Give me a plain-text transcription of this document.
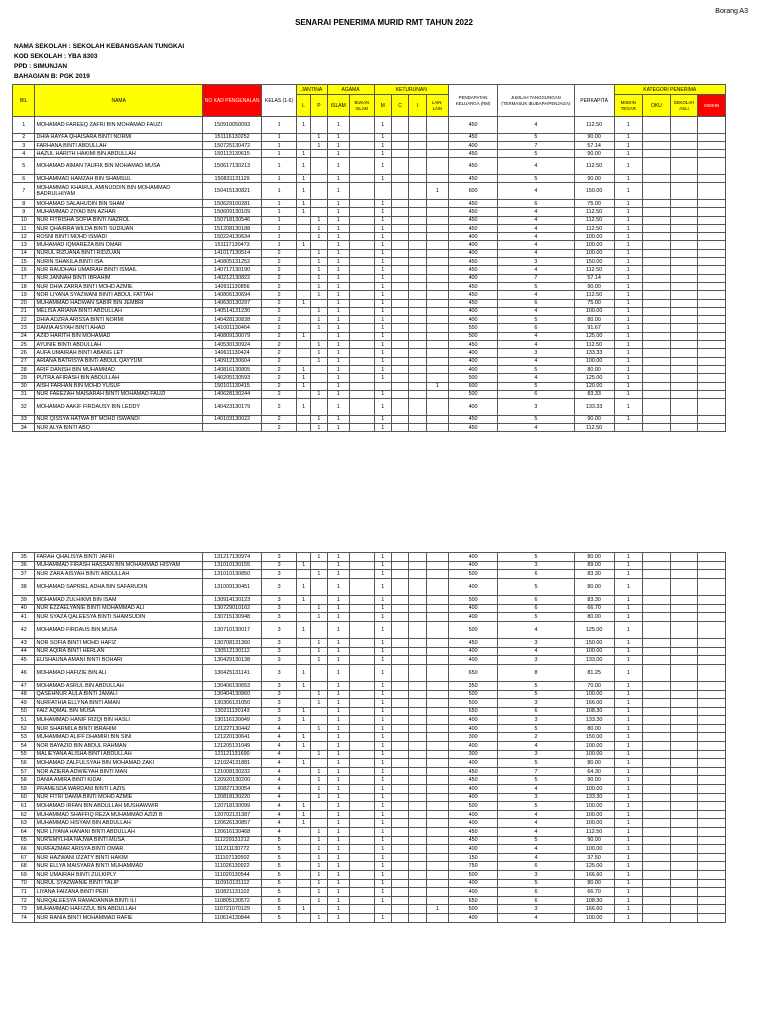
Borang A3
SENARAI PENERIMA MURID RMT TAHUN 2022
NAMA SEKOLAH : SEKOLAH KEBANGSAAN TUNGKAI
KOD SEKOLAH : YBA 8303
PPD : SIMUNJAN
BAHAGIAN B: PGK 2019
BIL	NAMA	NO KAD PENGENALAN	KELAS (1-6)	JANTINA		AGAMA		KETURUNAN				PENDAPATAN KELUARGA (RM)	JUMLAH TANGGUNGAN (TERMASUK IBUBAPA/PENJAGA)	PERKAPITA	KATEGORI PENERIMA			
				L	P	ISLAM	BUKAN ISLAM	M	C	I	LAIN-LAIN				MISKIN TEGAR	OKU	SEKOLAH ASLI	MISKIN
1	MOHAMAD FAREEQ ZAFRI BIN MOHAMAD FAUZI	150910050093	1	1		1		1				450	4	112.50	1			
2	DHIA HAYFA QHAISARA BINTI NORMI	151116130252	1		1	1		1				450	5	90.00	1			
3	FARHANA BINTI ABDULLAH	150725130472	1		1	1		1				400	7	57.14	1			
4	HAZUL HARITH HAKIMI BIN ABDULLAH	150113130615	1	1		1		1				450	5	90.00	1			
5	MOHAMAD AIMAN TAUFIK BIN MOHAMAD MUSA	150617130213	1	1		1		1				450	4	112.50	1			
6	MOHAMMAD HAMZAH BIN SHAMSUL	150831131129	1	1		1		1				450	5	90.00	1			
7	MOHAMMAD KHAIRUL AMINUDDIN BIN MOHAMMAD BADRULHIYAM	150415130821	1	1		1					1	600	4	150.00	1			
8	MOHAMAD SALAHUDIN BIN SHAM	150629100281	1	1		1		1				450	6	75.00	1			
9	MUHAMMAD ZIYAD BIN AZHAR	150609130109	1	1		1		1				450	4	112.50	1			
10	NUR FITRISHA SOFIA BINTI NAZROL	150718130546	1		1	1		1				450	4	112.50	1			
11	NUR QHAIRRA WILDA BINTI SUDIUAN	151208130188	1		1	1		1				450	4	112.50	1			
12	ROSNI BINTI MOHD ISMADI	150224130634	1		1	1		1				400	4	100.00	1			
13	MUHAMAD IQMAREZA BIN OMAR	151117130473	1	1		1		1				400	4	100.00	1			
14	NURUL RIZUANA BINTI RIDZUAN	141017130514	2		1	1		1				400	4	100.00	1			
15	NURIN SHAKILA BINTI ISA	140805131252	2		1	1		1				450	3	150.00	1			
16	NUR RAUDHAH UMAIRAH BINTI ISMAIL	140717130190	2		1	1		1				450	4	112.50	1			
17	NUR JANNAH BINTI IBRAHIM	140212130822	2		1	1		1				400	7	57.14	1			
18	NUR DHIA ZARRA BINTI MOHD AZMIE	140911130856	2		1	1		1				450	5	90.00	1			
19	NOR LIYANA SYAZWANI BINTI ABDUL FATTAH	140806130694	2		1	1		1				450	4	112.50	1			
20	MUHAMMAD HADWAN SABIR BIN JEMBRI	140630130297	2	1		1		1				450	6	75.00	1			
21	MELISA ARIANA BINTI ABDULLAH	140514131230	2		1	1		1				400	4	100.00	1			
22	DHIA ADZRA ARISSA BINTI NORMI	140428130838	2		1	1		1				400	5	80.00	1			
23	DAMIA AISYAH BINTI AHAD	141001130464	2		1	1		1				550	6	91.67	1			
24	AZID HARITH BIN MOHAMAD	140809130079	2	1		1		1				500	4	125.00	1			
25	AYUNIE BINTI ABDULLAH	140530130924	2		1	1		1				450	4	112.50	1			
26	AUFA UMAIRAH BINTI ABANG LET	140611130424	2		1	1		1				400	3	133.33	1			
27	ARIANA BATRISYA BINTI ABDUL QAYYUM	140912130604	2		1	1		1				400	4	100.00	1			
28	ARIF DANISH BIN MUHAMMAD	140816130805	2	1		1		1				400	5	80.00	1			
29	PUTRA AFIRASH BIN ABDULLAH	140205130593	2	1		1		1				500	4	125.00	1			
30	AISH FARHAN BIN MOHD YUSUF	150101130415	2	1		1					1	600	5	120.00	1			
31	NUR FAEEZAH MAISARAH BINTI MOHAMAD FAUZI	140628130244	2		1	1		1				500	6	83.33	1			
32	MOHAMAD AAKIF FIRDAUSY BIN LEDDY	140423130179	2	1		1		1				400	3	133.33	1			
33	NUR QISSYA HATWA BT MOHD ISWANDI	140103130022	2		1	1		1				450	5	90.00	1			
34	NUR ALYA BINTI ABO		2		1	1		1				450	4	112.50				
35	FARAH QHALISYA BINTI JAFRI	131217130974	3		1	1		1				400	5	80.00	1			
36	MUHAMMAD FIRASH HASSAN BIN MOHAMMAD HISYAM	131010130155	3	1		1		1				400	3	89.00	1			
37	NUR ZARA AISYAH BINTI ABDULLAH	131010130850	3		1	1		1				500	6	83.30	1			
38	MOHAMAD SAPRIEL ADHA BIN SAFARUDIN	131009130451	3	1		1		1				400	5	80.00	1			
39	MOHAMAD ZULHIKMI BIN ISAM	130914130123	3	1		1		1				500	6	83.30	1			
40	NUR EZZAELYANIE BINTI MOHAMMAD ALI	130729010162	3		1	1		1				400	6	66.70	1			
41	NUR SYAZA QALEESYA BINTI SHAMSUDIN	130715130948	3		1	1		1				400	5	80.00	1			
42	MOHAMAD FIRDAUS BIN MUSA	130710130017	3	1		1		1				500	4	125.00	1			
43	NOR SOFIA BINTI MOHD HAFIZ	130708131360	3		1	1		1				450	3	150.00	1			
44	NUR AQIRA BINTI HERLAN	130512130112	3		1	1		1				400	4	100.00	1			
45	ELISHAUNA AMANI BINTI BOHARI	130429130138	3		1	1		1				400	3	133.00	1			
46	MOHAMAD HAFIZIE BIN ALI	130425131141	3	1		1		1				650	8	81.25	1			
47	MOHAMAD ASRUL BIN ABDULLAH	130406130653	3	1		1		1				350	5	70.00	1			
48	QASEHNUR AULA BINTI JAMALI	130404130860	3		1	1		1				500	5	100.00	1			
49	NURFATHIA ELLYNA BINTI AMAN	130306131050	3		1	1		1				500	3	166.00	1			
50	FAIZ AQMAL BIN MUSA	130211130143	3	1		1		1				650	6	108.30	1			
51	MUHAMMAD HANIF RIZQI BIN HASLI	130116130049	3	1		1		1				400	3	133.30	1			
52	NUR SHARMILA BINTI IBRAHIM	121227130442	4		1	1		1				400	5	80.00	1			
53	MUHAMMAD ALIFF DHAMIRI BIN SINI	121220130641	4	1		1		1				300	2	150.00	1			
54	NOR BAYAZID BIN ABDUL RAHMAN	121205131049	4	1		1		1				400	4	100.00	1			
55	MALIEYANA ALISHA BINTI ABDULLAH	121121131690	4		1	1		1				300	3	100.00	1			
56	MOHAMAD ZALFULSYAH BIN MOHAMAD ZAKI	121024131881	4	1		1		1				400	5	80.00	1			
57	NOR AZIERA ADWIEYAH BINTI MAN	121008130232	4		1	1		1				450	7	64.30	1			
58	DANIA AMIRA BINTI KIDAI	120920130200	4		1	1		1				450	5	90.00	1			
59	PRAMESDA WARDANI BINTI LAZIS	120827130054	4		1	1		1				400	4	100.00	1			
60	NUR FITRI DAMIA BINTI MOHD AZMIE	120818130220	4		1	1		1				400	3	133.30	1			
61	MOHAMAD IRFAN BIN ABDULLAH MUSHAWWIR	120718130099	4	1		1		1				500	5	100.00	1			
62	MUHAMMAD SHAFFIQ REZA MUHAMMAD AZIZI B	120702131387	4	1		1		1				400	4	100.00	1			
63	MUHAMMAD HISYAM BIN ABDULLAH	120626130857	4	1		1		1				400	4	100.00	1			
64	NUR LIYANA HANANI BINTI ABDULLAH	120616130468	4		1	1		1				450	4	112.50	1			
65	NUR'EMYLHIA NAJWA BINTI MUSA	111229131212	5		1	1		1				450	5	90.00	1			
66	NURFAZMAR ARISYA BINTI OMAR	111211130772	5		1	1		1				400	4	100.00	1			
67	NUR HAZWANI IZZATY BINTI HAKIM	111107130502	5		1	1		1				150	4	37.50	1			
68	NUR ELLYA MAISYARA BINTI MUHAMMAD	111026130922	5		1	1		1				750	6	125.00	1			
69	NUR UMAIRAH BINTI ZULKIPLY	111020130544	5		1	1		1				500	3	166.60	1			
70	NURUL SYAZWANIE BINTI TALIP	110910131112	5		1	1		1				400	5	80.00	1			
71	LIYANA FAIZANA BINTI PERI	110821131102	5		1	1		1				400	6	66.70	1			
72	NURQALEESYA RAMADANNIA BINTI ILI	110805130572	5		1	1		1				650	6	108.30	1			
73	MUHAMMAD HAFIZZUL BIN ABDULLAH	110721070129	5	1		1					1	500	3	166.60	1			
74	NUR RANIA BINTI MOHAMMAD RAFIE	110614130844	5		1	1		1				400	4	100.00	1			
